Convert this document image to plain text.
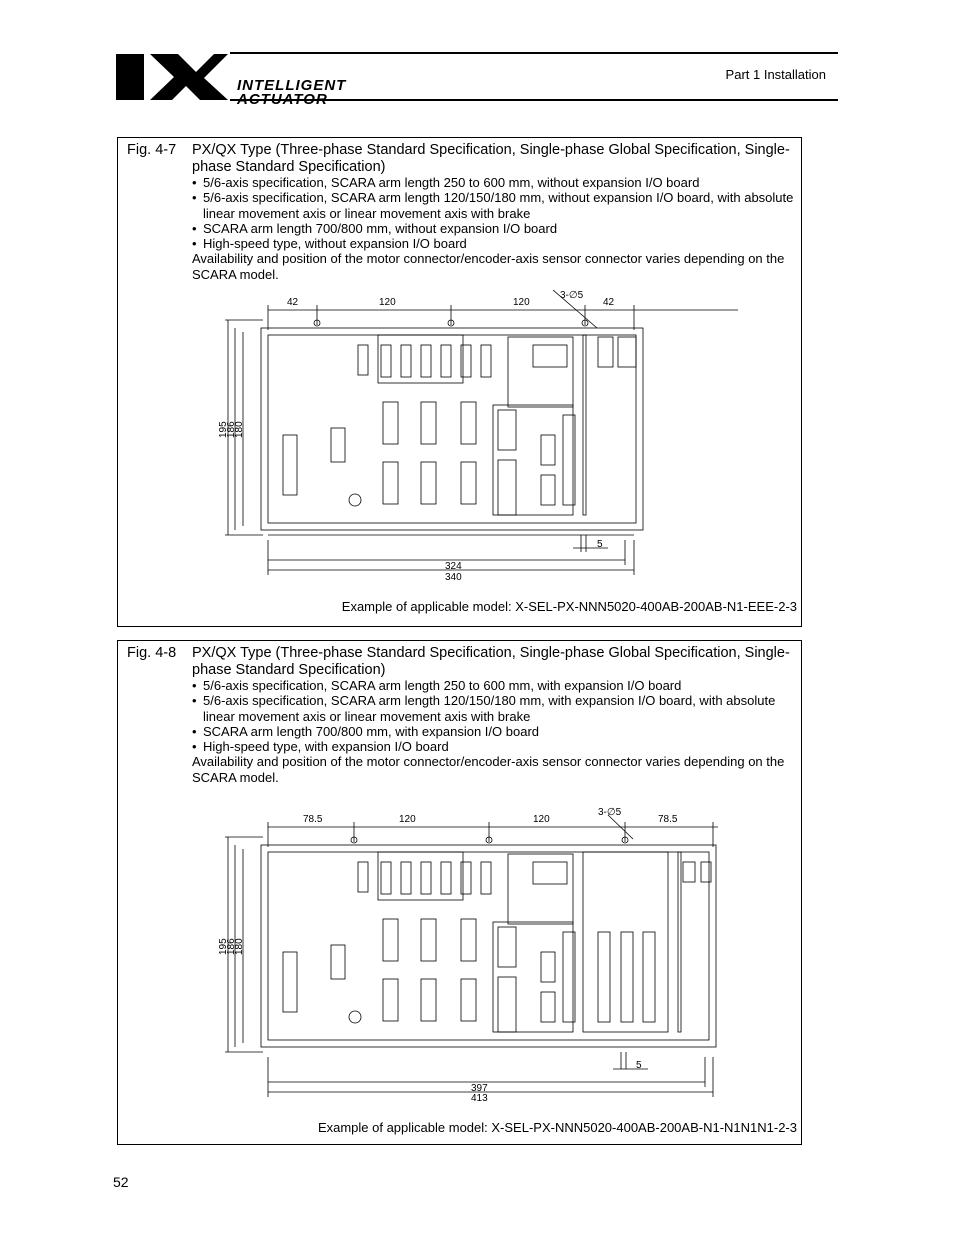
INTELLIGENT
ACTUATOR
Part 1 Installation
Fig. 4-7 PX/QX Type (Three-phase Standard Specification, Single-phase Global Specification, Single-phase Standard Specification)
• 5/6-axis specification, SCARA arm length 250 to 600 mm, without expansion I/O board
• 5/6-axis specification, SCARA arm length 120/150/180 mm, without expansion I/O board, with absolute linear movement axis or linear movement axis with brake
• SCARA arm length 700/800 mm, without expansion I/O board
• High-speed type, without expansion I/O board
Availability and position of the motor connector/encoder-axis sensor connector varies depending on the SCARA model.
42	120	120	42
3-∅5
195
186
180
324
340
5
Example of applicable model: X-SEL-PX-NNN5020-400AB-200AB-N1-EEE-2-3
Fig. 4-8 PX/QX Type (Three-phase Standard Specification, Single-phase Global Specification, Single-phase Standard Specification)
• 5/6-axis specification, SCARA arm length 250 to 600 mm, with expansion I/O board
• 5/6-axis specification, SCARA arm length 120/150/180 mm, with expansion I/O board, with absolute linear movement axis or linear movement axis with brake
• SCARA arm length 700/800 mm, with expansion I/O board
• High-speed type, with expansion I/O board
Availability and position of the motor connector/encoder-axis sensor connector varies depending on the SCARA model.
78.5	120	120	78.5
3-∅5
195
186
180
397
413
5
Example of applicable model: X-SEL-PX-NNN5020-400AB-200AB-N1-N1N1N1-2-3
52
